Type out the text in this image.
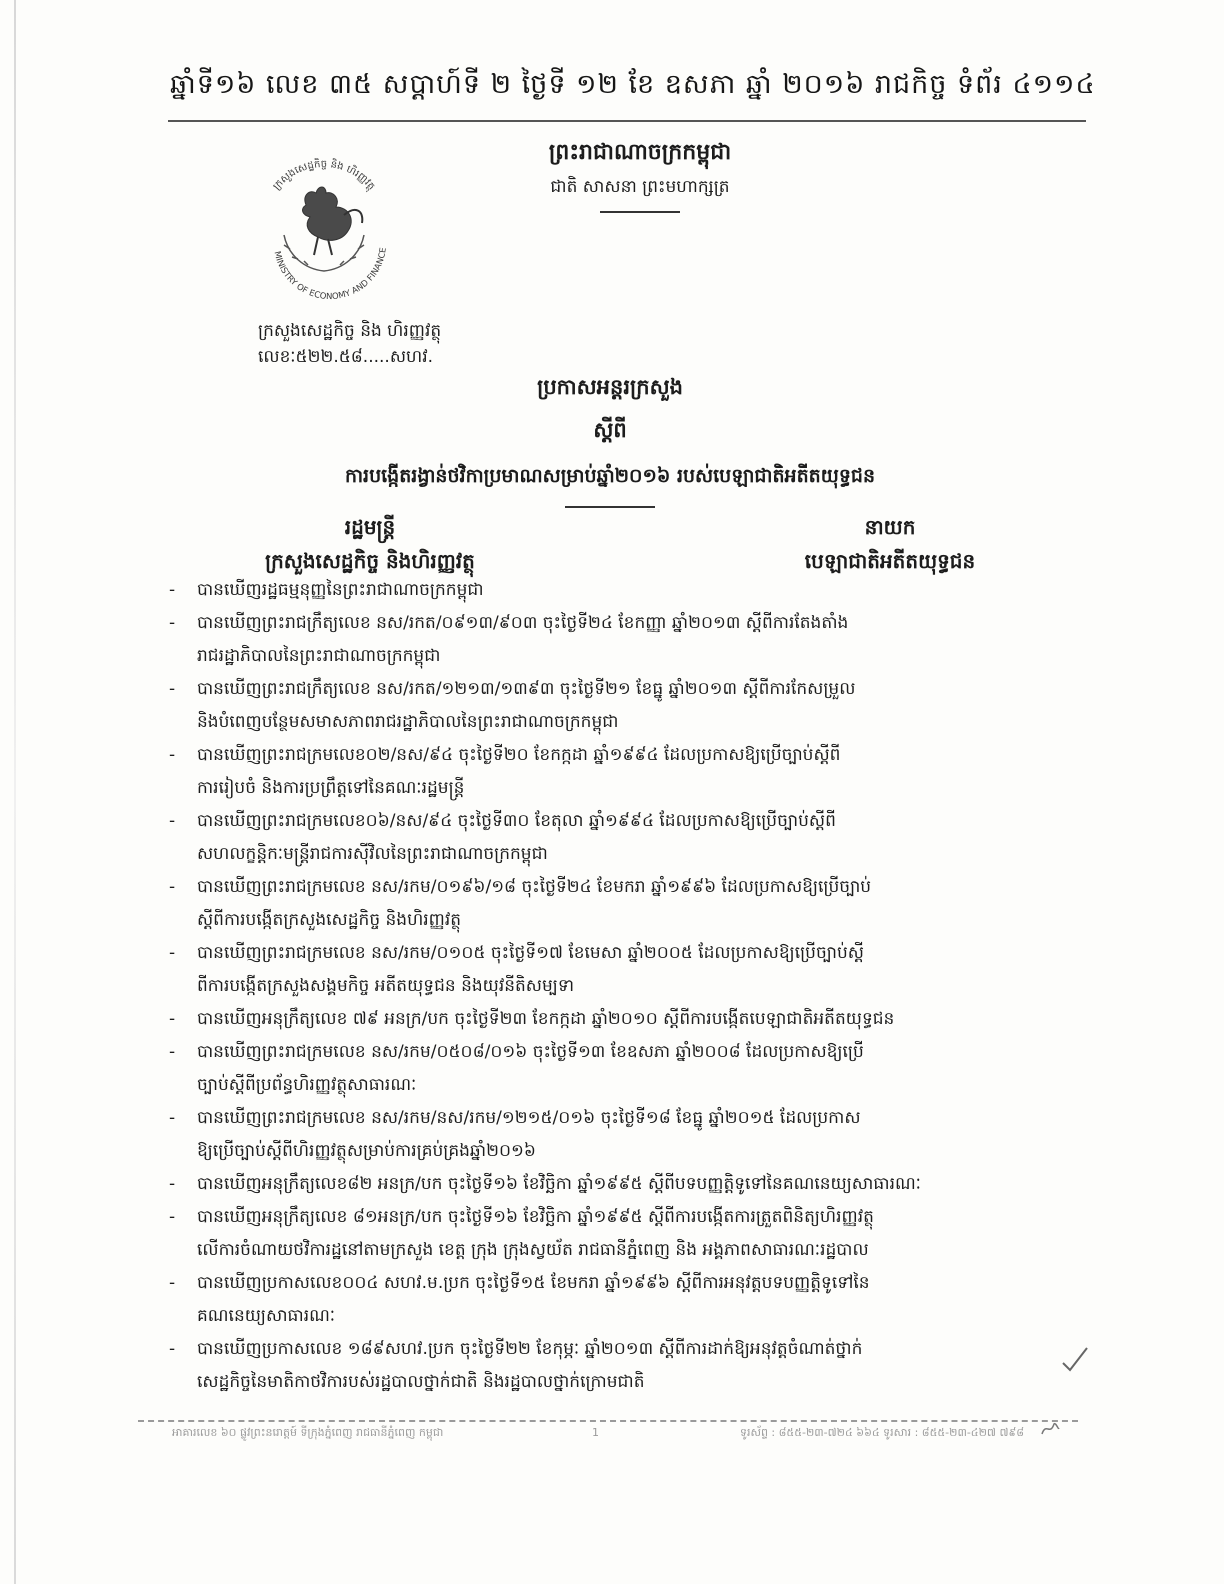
ឆ្នាំទី១៦ លេខ ៣៥ សប្ដាហ៍ទី ២ ថ្ងៃទី ១២ ខែ ឧសភា ឆ្នាំ ២០១៦ រាជកិច្ច ទំព័រ ៤១១៤
ព្រះរាជាណាចក្រកម្ពុជា
ជាតិ សាសនា ព្រះមហាក្សត្រ
ក្រសួងសេដ្ឋកិច្ច និង ហិរញ្ញវត្ថុ
MINISTRY OF ECONOMY AND FINANCE
ក្រសួងសេដ្ឋកិច្ច និង ហិរញ្ញវត្ថុ
លេខៈ៥២២.៥៨.....សហវ.
ប្រកាសអន្តរក្រសួង
ស្តីពី
ការបង្កើតរង្វាន់ថវិកាប្រមាណសម្រាប់ឆ្នាំ២០១៦ របស់បេឡាជាតិអតីតយុទ្ធជន
រដ្ឋមន្ត្រី
ក្រសួងសេដ្ឋកិច្ច និងហិរញ្ញវត្ថុ
នាយក
បេឡាជាតិអតីតយុទ្ធជន
- បានឃើញរដ្ឋធម្មនុញ្ញនៃព្រះរាជាណាចក្រកម្ពុជា
- បានឃើញព្រះរាជក្រឹត្យលេខ នស/រកត/០៩១៣/៩០៣ ចុះថ្ងៃទី២៤ ខែកញ្ញា ឆ្នាំ២០១៣ ស្តីពីការតែងតាំង
រាជរដ្ឋាភិបាលនៃព្រះរាជាណាចក្រកម្ពុជា
- បានឃើញព្រះរាជក្រឹត្យលេខ នស/រកត/១២១៣/១៣៩៣ ចុះថ្ងៃទី២១ ខែធ្នូ ឆ្នាំ២០១៣ ស្តីពីការកែសម្រួល
និងបំពេញបន្ថែមសមាសភាពរាជរដ្ឋាភិបាលនៃព្រះរាជាណាចក្រកម្ពុជា
- បានឃើញព្រះរាជក្រមលេខ០២/នស/៩៤ ចុះថ្ងៃទី២០ ខែកក្កដា ឆ្នាំ១៩៩៤ ដែលប្រកាសឱ្យប្រើច្បាប់ស្តីពី
ការរៀបចំ និងការប្រព្រឹត្តទៅនៃគណៈរដ្ឋមន្ត្រី
- បានឃើញព្រះរាជក្រមលេខ០៦/នស/៩៤ ចុះថ្ងៃទី៣០ ខែតុលា ឆ្នាំ១៩៩៤ ដែលប្រកាសឱ្យប្រើច្បាប់ស្តីពី
សហលក្ខន្តិកៈមន្ត្រីរាជការស៊ីវិលនៃព្រះរាជាណាចក្រកម្ពុជា
- បានឃើញព្រះរាជក្រមលេខ នស/រកម/០១៩៦/១៨ ចុះថ្ងៃទី២៤ ខែមករា ឆ្នាំ១៩៩៦ ដែលប្រកាសឱ្យប្រើច្បាប់
ស្តីពីការបង្កើតក្រសួងសេដ្ឋកិច្ច និងហិរញ្ញវត្ថុ
- បានឃើញព្រះរាជក្រមលេខ នស/រកម/០១០៥ ចុះថ្ងៃទី១៧ ខែមេសា ឆ្នាំ២០០៥ ដែលប្រកាសឱ្យប្រើច្បាប់ស្តី
ពីការបង្កើតក្រសួងសង្គមកិច្ច អតីតយុទ្ធជន និងយុវនីតិសម្បទា
- បានឃើញអនុក្រឹត្យលេខ ៧៩ អនក្រ/បក ចុះថ្ងៃទី២៣ ខែកក្កដា ឆ្នាំ២០១០ ស្តីពីការបង្កើតបេឡាជាតិអតីតយុទ្ធជន
- បានឃើញព្រះរាជក្រមលេខ នស/រកម/០៥០៨/០១៦ ចុះថ្ងៃទី១៣ ខែឧសភា ឆ្នាំ២០០៨ ដែលប្រកាសឱ្យប្រើ
ច្បាប់ស្តីពីប្រព័ន្ធហិរញ្ញវត្ថុសាធារណៈ
- បានឃើញព្រះរាជក្រមលេខ នស/រកម/នស/រកម/១២១៥/០១៦ ចុះថ្ងៃទី១៨ ខែធ្នូ ឆ្នាំ២០១៥ ដែលប្រកាស
ឱ្យប្រើច្បាប់ស្តីពីហិរញ្ញវត្ថុសម្រាប់ការគ្រប់គ្រងឆ្នាំ២០១៦
- បានឃើញអនុក្រឹត្យលេខ៨២ អនក្រ/បក ចុះថ្ងៃទី១៦ ខែវិច្ឆិកា ឆ្នាំ១៩៩៥ ស្តីពីបទបញ្ញត្តិទូទៅនៃគណនេយ្យសាធារណៈ
- បានឃើញអនុក្រឹត្យលេខ ៨១អនក្រ/បក ចុះថ្ងៃទី១៦ ខែវិច្ឆិកា ឆ្នាំ១៩៩៥ ស្តីពីការបង្កើតការត្រួតពិនិត្យហិរញ្ញវត្ថុ
លើការចំណាយថវិការដ្ឋនៅតាមក្រសួង ខេត្ត ក្រុង ក្រុងស្វយ័ត រាជធានីភ្នំពេញ និង អង្គភាពសាធារណៈរដ្ឋបាល
- បានឃើញប្រកាសលេខ០០៤ សហវ.ម.ប្រក ចុះថ្ងៃទី១៥ ខែមករា ឆ្នាំ១៩៩៦ ស្តីពីការអនុវត្តបទបញ្ញត្តិទូទៅនៃ
គណនេយ្យសាធារណៈ
- បានឃើញប្រកាសលេខ ១៨៩សហវ.ប្រក ចុះថ្ងៃទី២២ ខែកុម្ភៈ ឆ្នាំ២០១៣ ស្តីពីការដាក់ឱ្យអនុវត្តចំណាត់ថ្នាក់
សេដ្ឋកិច្ចនៃមាតិកាថវិការបស់រដ្ឋបាលថ្នាក់ជាតិ និងរដ្ឋបាលថ្នាក់ក្រោមជាតិ
អាគារលេខ ៦០ ផ្លូវព្រះនរោត្តម៍ ទីក្រុងភ្នំពេញ រាជធានីភ្នំពេញ កម្ពុជា	1	ទូរស័ព្ទ : ៨៥៥-២៣-៧២៤ ៦៦៤ ទូរសារ : ៨៥៥-២៣-៤២៧ ៧៩៨
